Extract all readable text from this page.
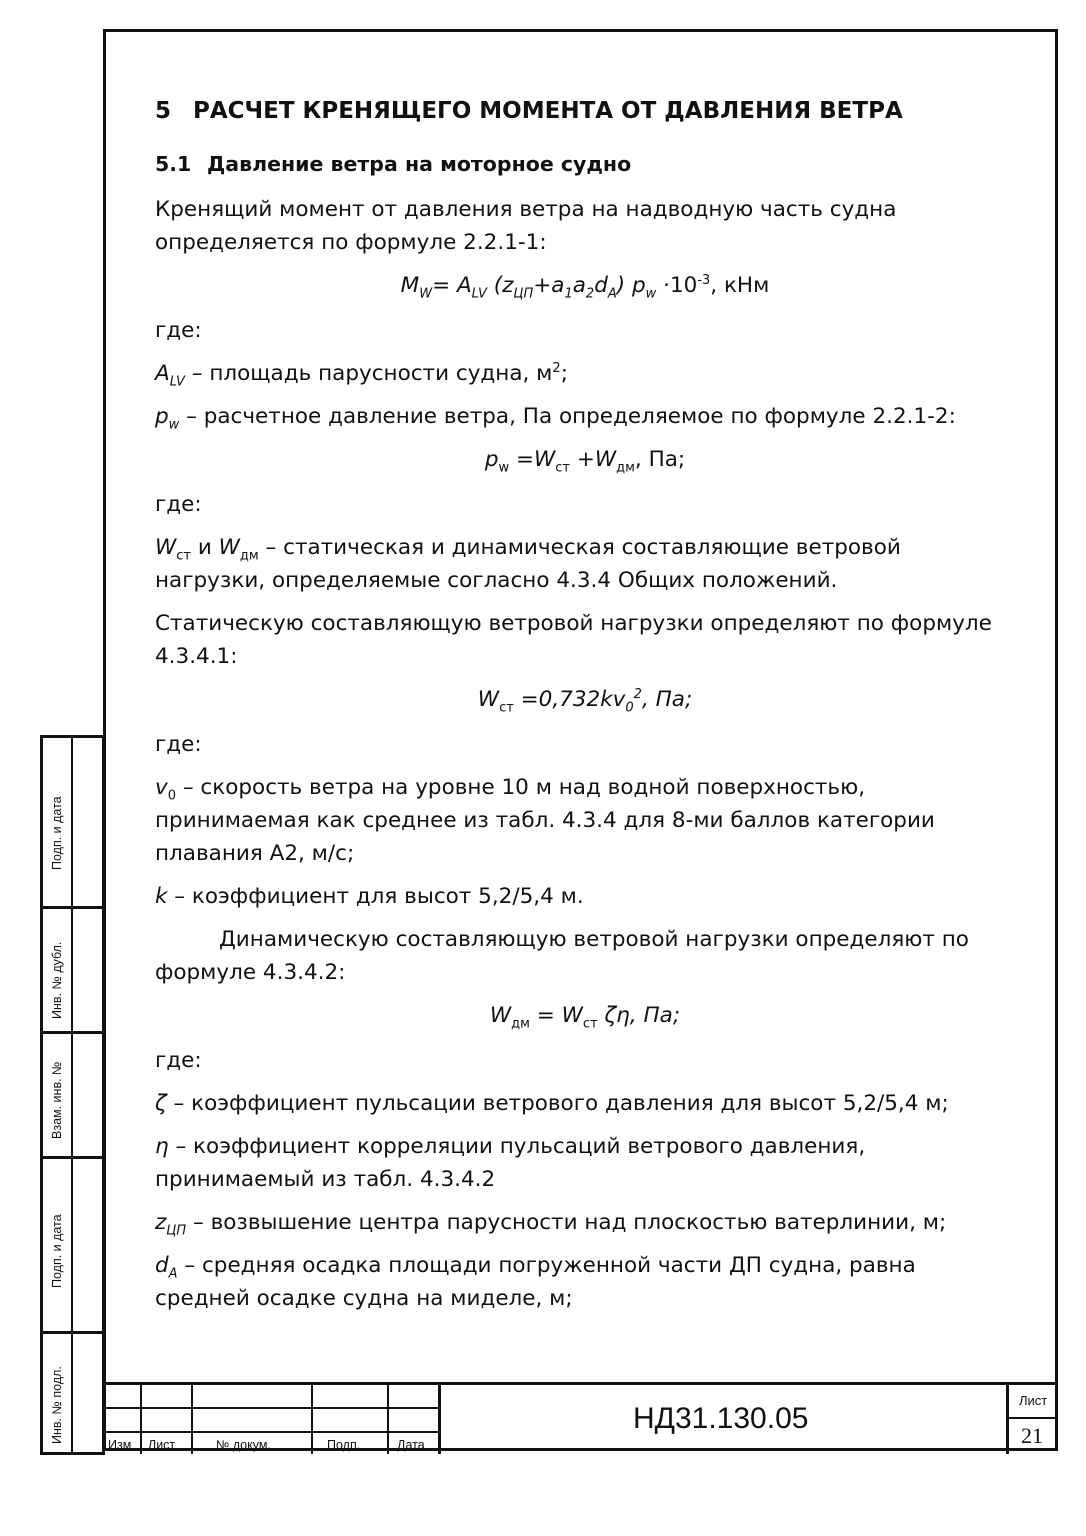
5 РАСЧЕТ КРЕНЯЩЕГО МОМЕНТА ОТ ДАВЛЕНИЯ ВЕТРА
5.1 Давление ветра на моторное судно
Кренящий момент от давления ветра на надводную часть судна определяется по формуле 2.2.1-1:
$M_W= A_{LV}$ $(z_{ЦП}+a_1a_2d_A)$ $p_w \cdot 10^{-3}$, кНм
где:
$A_{LV}$ – площадь парусности судна, $м^2$;
$p_w$ – расчетное давление ветра, Па определяемое по формуле 2.2.1-2:
$p_w =W_{ст} +W_{дм}$, Па;
где:
$W_{ст}$ и $W_{дм}$ – статическая и динамическая составляющие ветровой нагрузки, определяемые согласно 4.3.4 Общих положений.
Статическую составляющую ветровой нагрузки определяют по формуле 4.3.4.1:
$W_{ст} =0,732kv_0^2$, Па;
где:
$v_0$ – скорость ветра на уровне 10 м над водной поверхностью, принимаемая как среднее из табл. 4.3.4 для 8-ми баллов категории плавания А2, м/с;
k – коэффициент для высот 5,2/5,4 м.
Динамическую составляющую ветровой нагрузки определяют по формуле 4.3.4.2:
$W_{дм} = W_{ст}$ ζη, Па;
где:
ζ – коэффициент пульсации ветрового давления для высот 5,2/5,4 м;
η – коэффициент корреляции пульсаций ветрового давления, принимаемый из табл. 4.3.4.2
$z_{ЦП}$ – возвышение центра парусности над плоскостью ватерлинии, м;
$d_A$ – средняя осадка площади погруженной части ДП судна, равна средней осадке судна на миделе, м;
Подп. и дата
Инв. № дубл.
Взам. инв. №
Подп. и дата
Инв. № подл.
Изм Лист	№ докум.	Подп.	Дата
НД31.130.05
Лист
21
